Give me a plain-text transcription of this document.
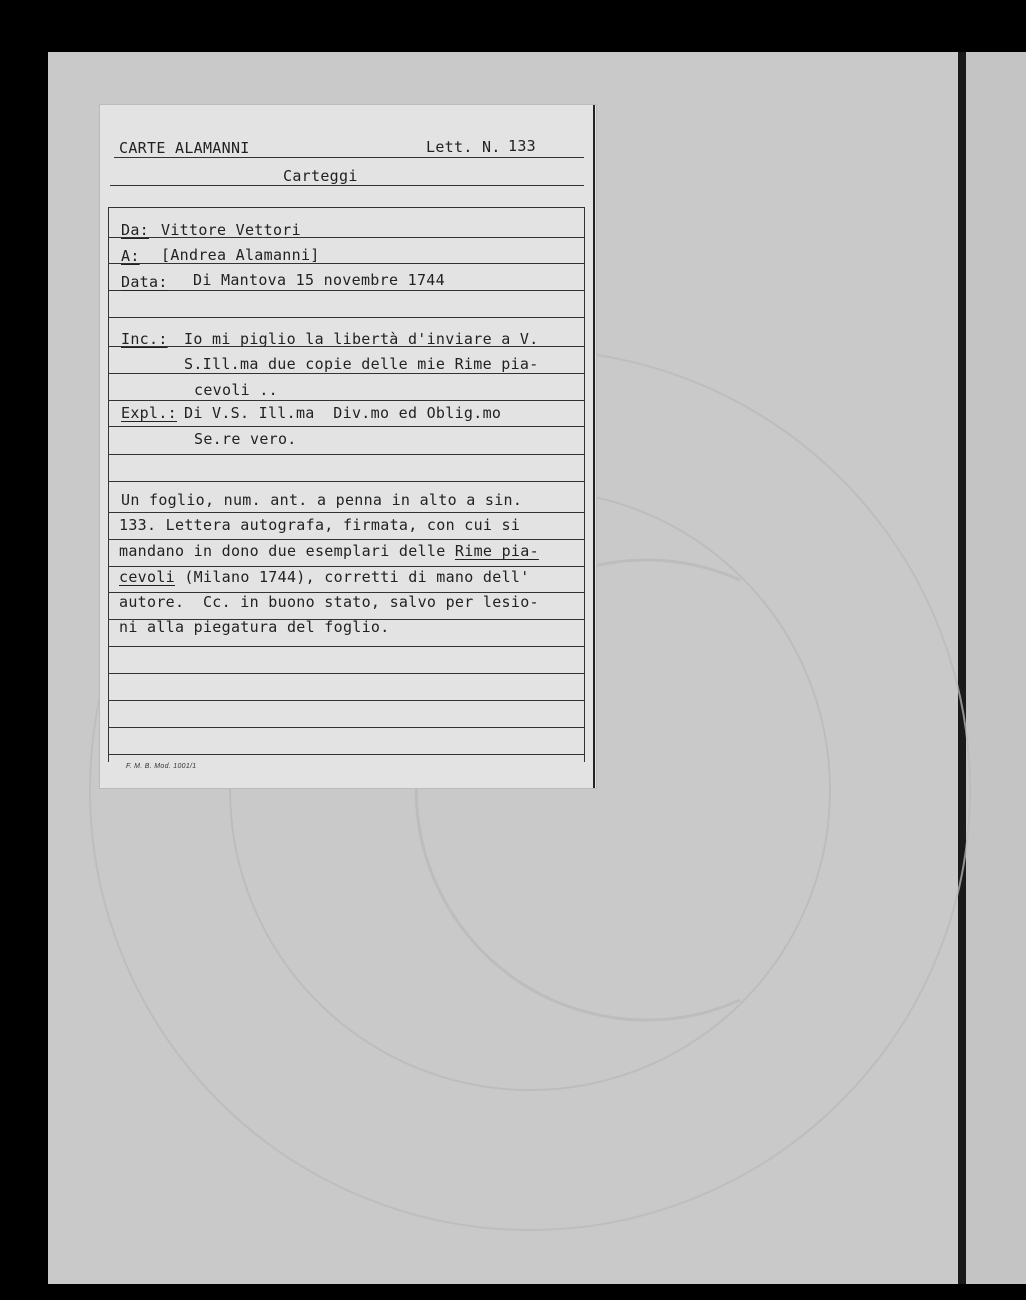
CARTE ALAMANNI	Lett. N. 133
Carteggi
Da: Vittore Vettori
A: [Andrea Alamanni]
Data: Di Mantova 15 novembre 1744
Inc.: Io mi piglio la libertà d'inviare a V.
S.Ill.ma due copie delle mie Rime pia-
cevoli ..
Expl.: Di V.S. Ill.ma  Div.mo ed Oblig.mo
Se.re vero.
Un foglio, num. ant. a penna in alto a sin.
133. Lettera autografa, firmata, con cui si
mandano in dono due esemplari delle Rime pia-
cevoli (Milano 1744), corretti di mano dell'
autore.  Cc. in buono stato, salvo per lesio-
ni alla piegatura del foglio.
F. M. B. Mod. 1001/1
